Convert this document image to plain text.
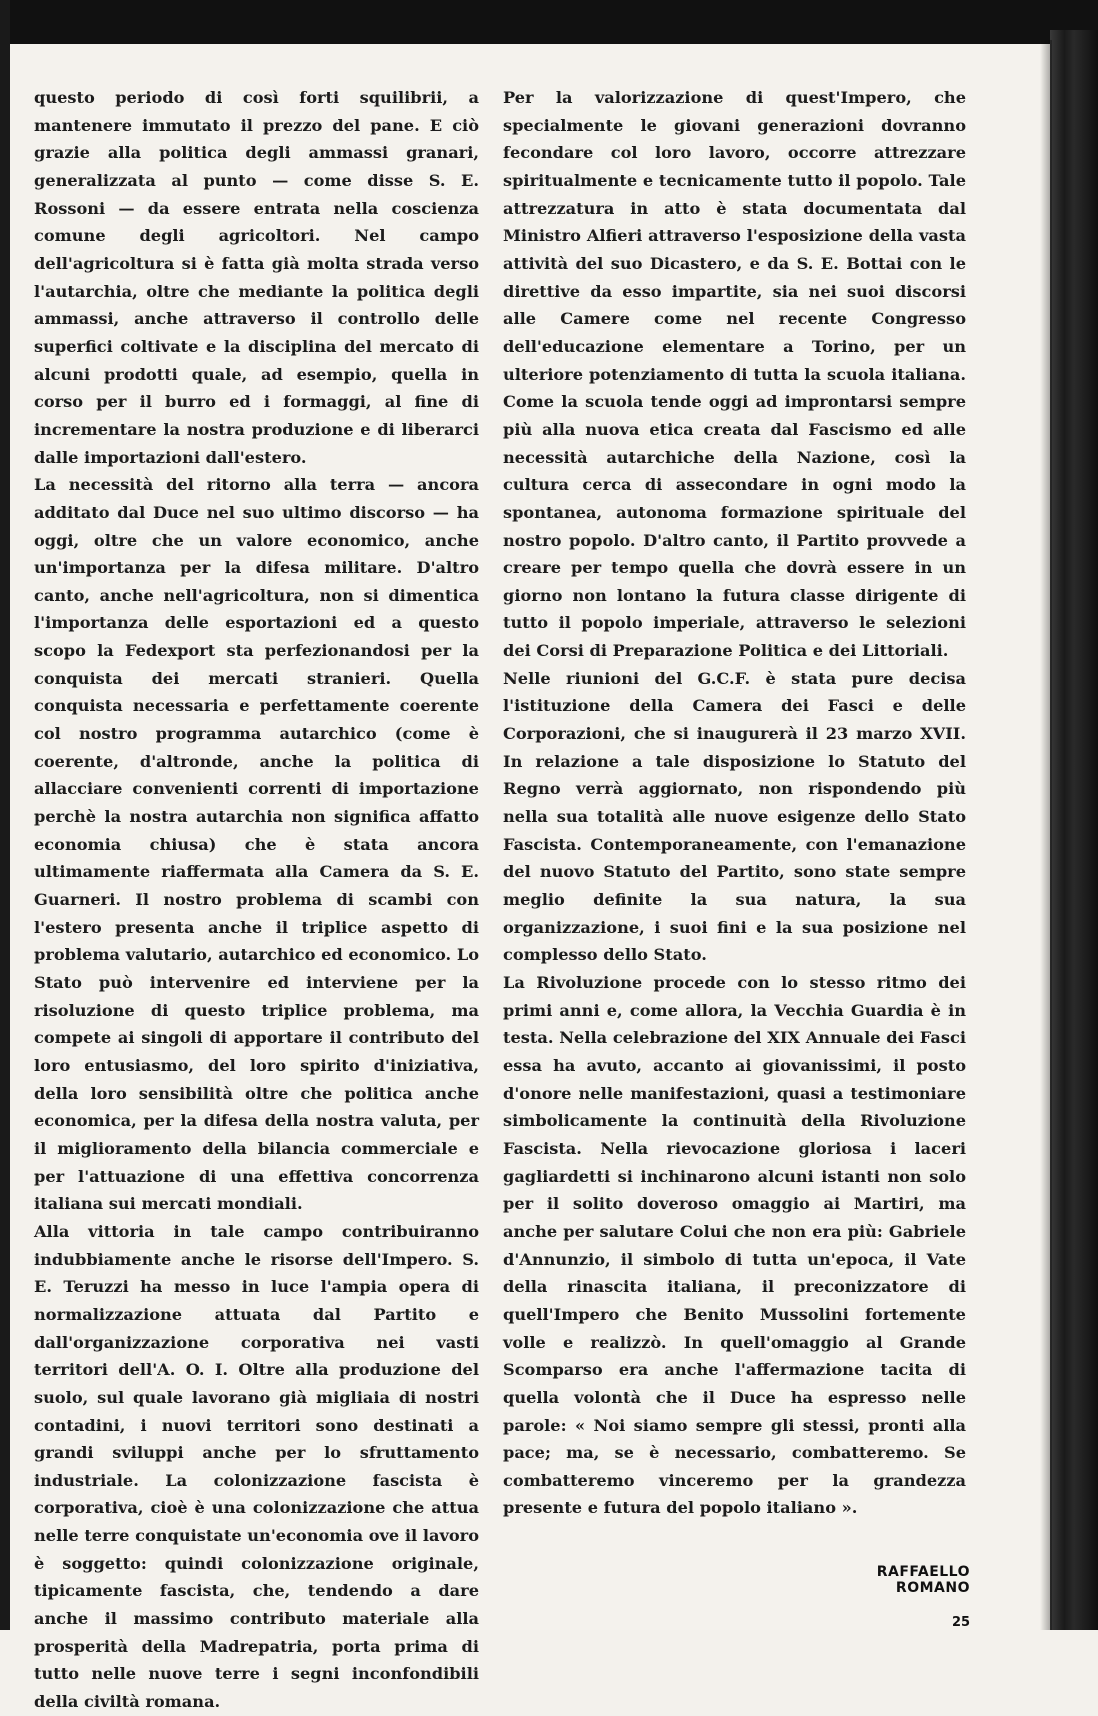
questo periodo di così forti squilibrii, a mantenere immutato il prezzo del pane. E ciò grazie alla politica degli ammassi granari, generalizzata al punto — come disse S. E. Rossoni — da essere entrata nella coscienza comune degli agricoltori. Nel campo dell'agricoltura si è fatta già molta strada verso l'autarchia, oltre che mediante la politica degli ammassi, anche attraverso il controllo delle superfici coltivate e la disciplina del mercato di alcuni prodotti quale, ad esempio, quella in corso per il burro ed i formaggi, al fine di incrementare la nostra produzione e di liberarci dalle importazioni dall'estero.

La necessità del ritorno alla terra — ancora additato dal Duce nel suo ultimo discorso — ha oggi, oltre che un valore economico, anche un'importanza per la difesa militare. D'altro canto, anche nell'agricoltura, non si dimentica l'importanza delle esportazioni ed a questo scopo la Fedexport sta perfezionandosi per la conquista dei mercati stranieri. Quella conquista necessaria e perfettamente coerente col nostro programma autarchico (come è coerente, d'altronde, anche la politica di allacciare convenienti correnti di importazione perchè la nostra autarchia non significa affatto economia chiusa) che è stata ancora ultimamente riaffermata alla Camera da S. E. Guarneri. Il nostro problema di scambi con l'estero presenta anche il triplice aspetto di problema valutario, autarchico ed economico. Lo Stato può intervenire ed interviene per la risoluzione di questo triplice problema, ma compete ai singoli di apportare il contributo del loro entusiasmo, del loro spirito d'iniziativa, della loro sensibilità oltre che politica anche economica, per la difesa della nostra valuta, per il miglioramento della bilancia commerciale e per l'attuazione di una effettiva concorrenza italiana sui mercati mondiali.

Alla vittoria in tale campo contribuiranno indubbiamente anche le risorse dell'Impero. S. E. Teruzzi ha messo in luce l'ampia opera di normalizzazione attuata dal Partito e dall'organizzazione corporativa nei vasti territori dell'A. O. I. Oltre alla produzione del suolo, sul quale lavorano già migliaia di nostri contadini, i nuovi territori sono destinati a grandi sviluppi anche per lo sfruttamento industriale. La colonizzazione fascista è corporativa, cioè è una colonizzazione che attua nelle terre conquistate un'economia ove il lavoro è soggetto: quindi colonizzazione originale, tipicamente fascista, che, tendendo a dare anche il massimo contributo materiale alla prosperità della Madrepatria, porta prima di tutto nelle nuove terre i segni inconfondibili della civiltà romana.

Per la valorizzazione di quest'Impero, che specialmente le giovani generazioni dovranno fecondare col loro lavoro, occorre attrezzare spiritualmente e tecnicamente tutto il popolo. Tale attrezzatura in atto è stata documentata dal Ministro Alfieri attraverso l'esposizione della vasta attività del suo Dicastero, e da S. E. Bottai con le direttive da esso impartite, sia nei suoi discorsi alle Camere come nel recente Congresso dell'educazione elementare a Torino, per un ulteriore potenziamento di tutta la scuola italiana. Come la scuola tende oggi ad improntarsi sempre più alla nuova etica creata dal Fascismo ed alle necessità autarchiche della Nazione, così la cultura cerca di assecondare in ogni modo la spontanea, autonoma formazione spirituale del nostro popolo. D'altro canto, il Partito provvede a creare per tempo quella che dovrà essere in un giorno non lontano la futura classe dirigente di tutto il popolo imperiale, attraverso le selezioni dei Corsi di Preparazione Politica e dei Littoriali.

Nelle riunioni del G.C.F. è stata pure decisa l'istituzione della Camera dei Fasci e delle Corporazioni, che si inaugurerà il 23 marzo XVII. In relazione a tale disposizione lo Statuto del Regno verrà aggiornato, non rispondendo più nella sua totalità alle nuove esigenze dello Stato Fascista. Contemporaneamente, con l'emanazione del nuovo Statuto del Partito, sono state sempre meglio definite la sua natura, la sua organizzazione, i suoi fini e la sua posizione nel complesso dello Stato.

La Rivoluzione procede con lo stesso ritmo dei primi anni e, come allora, la Vecchia Guardia è in testa. Nella celebrazione del XIX Annuale dei Fasci essa ha avuto, accanto ai giovanissimi, il posto d'onore nelle manifestazioni, quasi a testimoniare simbolicamente la continuità della Rivoluzione Fascista. Nella rievocazione gloriosa i laceri gagliardetti si inchinarono alcuni istanti non solo per il solito doveroso omaggio ai Martiri, ma anche per salutare Colui che non era più: Gabriele d'Annunzio, il simbolo di tutta un'epoca, il Vate della rinascita italiana, il preconizzatore di quell'Impero che Benito Mussolini fortemente volle e realizzò. In quell'omaggio al Grande Scomparso era anche l'affermazione tacita di quella volontà che il Duce ha espresso nelle parole: « Noi siamo sempre gli stessi, pronti alla pace; ma, se è necessario, combatteremo. Se combatteremo vinceremo per la grandezza presente e futura del popolo italiano ».

RAFFAELLO ROMANO
25
